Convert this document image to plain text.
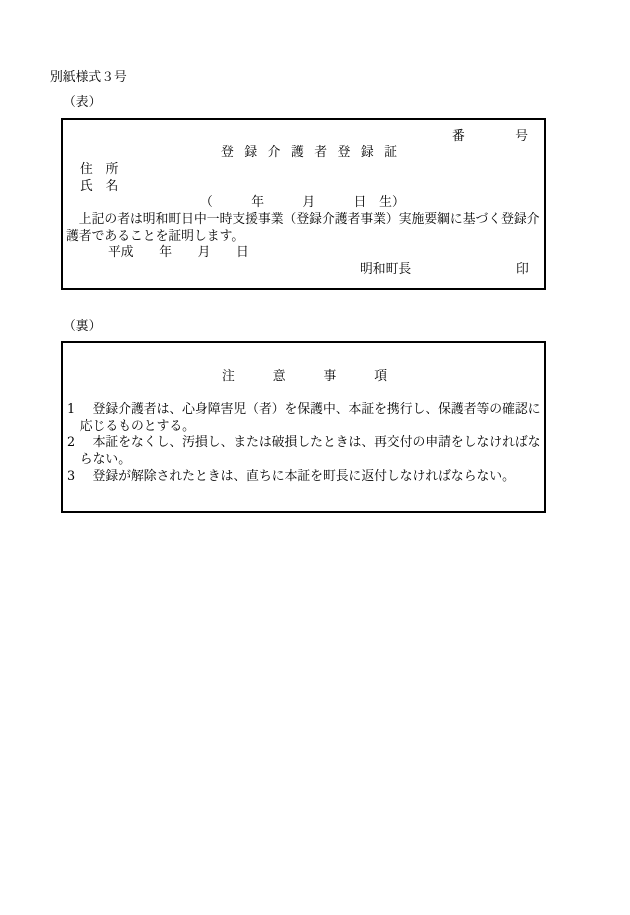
別紙様式３号
（表）
番 号
登 録 介 護 者 登 録 証
住　所
氏　名
（　　　年　　　月　　　日　生）
上記の者は明和町日中一時支援事業（登録介護者事業）実施要綱に基づく登録介護者であることを証明します。
平成　　年　　月　　日
明和町長	印
（裏）
注 意 事 項
1 登録介護者は、心身障害児（者）を保護中、本証を携行し、保護者等の確認に応じるものとする。
2 本証をなくし、汚損し、または破損したときは、再交付の申請をしなければならない。
3 登録が解除されたときは、直ちに本証を町長に返付しなければならない。
